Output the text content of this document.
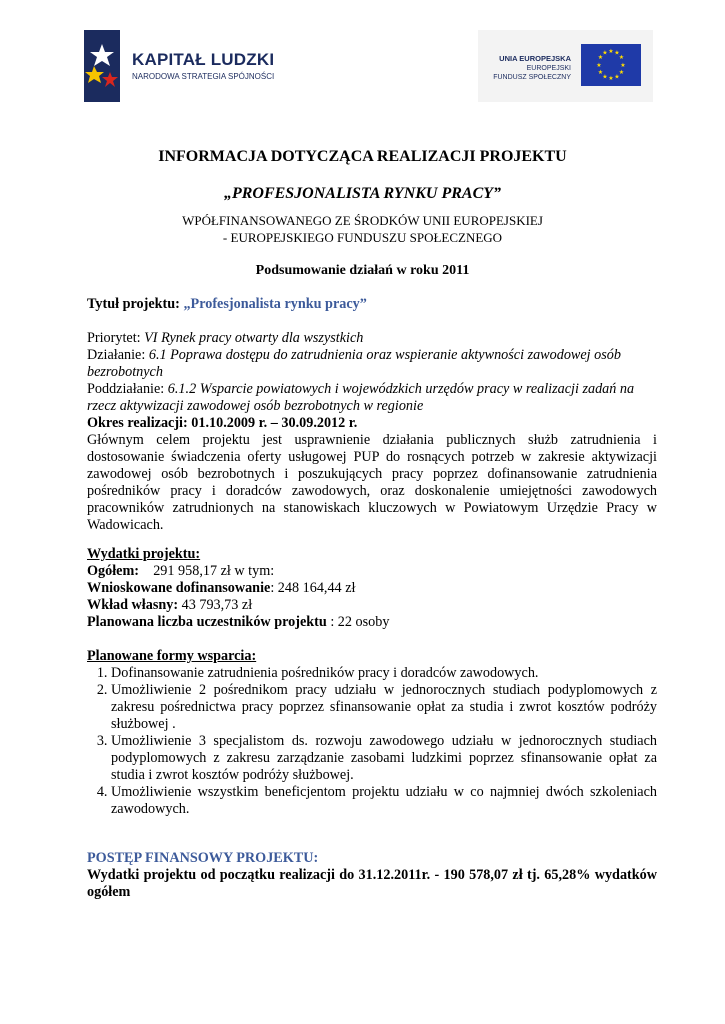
KAPITAŁ LUDZKI
NARODOWA STRATEGIA SPÓJNOŚCI
UNIA EUROPEJSKA
EUROPEJSKI
FUNDUSZ SPOŁECZNY
★ ★
★
★
★
★
★
★
★
★
★
★
INFORMACJA DOTYCZĄCA REALIZACJI PROJEKTU
„PROFESJONALISTA RYNKU PRACY”
WPÓŁFINANSOWANEGO ZE ŚRODKÓW UNII EUROPEJSKIEJ
- EUROPEJSKIEGO FUNDUSZU SPOŁECZNEGO
Podsumowanie działań w roku 2011
Tytuł projektu: „Profesjonalista rynku pracy”
Priorytet: VI Rynek pracy otwarty dla wszystkich
Działanie: 6.1 Poprawa dostępu do zatrudnienia oraz wspieranie aktywności zawodowej osób bezrobotnych
Poddziałanie: 6.1.2 Wsparcie powiatowych i wojewódzkich urzędów pracy w realizacji zadań na rzecz aktywizacji zawodowej osób bezrobotnych w regionie
Okres realizacji: 01.10.2009 r. – 30.09.2012 r.
Głównym celem projektu jest usprawnienie działania publicznych służb zatrudnienia i dostosowanie świadczenia oferty usługowej PUP do rosnących potrzeb w zakresie aktywizacji zawodowej osób bezrobotnych i poszukujących pracy poprzez dofinansowanie zatrudnienia pośredników pracy i doradców zawodowych, oraz doskonalenie umiejętności zawodowych pracowników zatrudnionych na stanowiskach kluczowych w Powiatowym Urzędzie Pracy w Wadowicach.
Wydatki projektu:
Ogółem: 291 958,17 zł w tym:
Wnioskowane dofinansowanie: 248 164,44 zł
Wkład własny: 43 793,73 zł
Planowana liczba uczestników projektu : 22 osoby
Planowane formy wsparcia:
1. Dofinansowanie zatrudnienia pośredników pracy i doradców zawodowych.
2. Umożliwienie 2 pośrednikom pracy udziału w jednorocznych studiach podyplomowych z zakresu pośrednictwa pracy poprzez sfinansowanie opłat za studia i zwrot kosztów podróży służbowej .
3. Umożliwienie 3 specjalistom ds. rozwoju zawodowego udziału w jednorocznych studiach podyplomowych z zakresu zarządzanie zasobami ludzkimi poprzez sfinansowanie opłat za studia i zwrot kosztów podróży służbowej.
4. Umożliwienie wszystkim beneficjentom projektu udziału w co najmniej dwóch szkoleniach zawodowych.
POSTĘP FINANSOWY PROJEKTU:
Wydatki projektu od początku realizacji do 31.12.2011r. - 190 578,07 zł tj. 65,28% wydatków ogółem
